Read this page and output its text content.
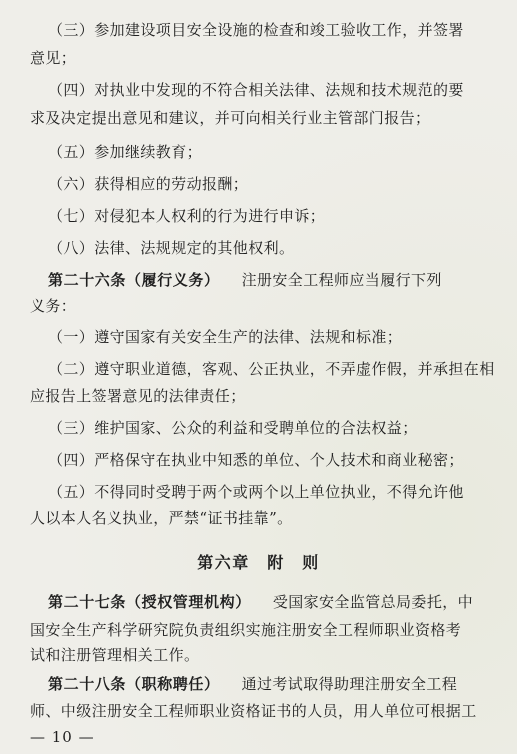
（三）参加建设项目安全设施的检查和竣工验收工作，并签署
意见；
（四）对执业中发现的不符合相关法律、法规和技术规范的要
求及决定提出意见和建议，并可向相关行业主管部门报告；
（五）参加继续教育；
（六）获得相应的劳动报酬；
（七）对侵犯本人权利的行为进行申诉；
（八）法律、法规规定的其他权利。
第二十六条（履行义务） 注册安全工程师应当履行下列
义务：
（一）遵守国家有关安全生产的法律、法规和标准；
（二）遵守职业道德，客观、公正执业，不弄虚作假，并承担在相
应报告上签署意见的法律责任；
（三）维护国家、公众的利益和受聘单位的合法权益；
（四）严格保守在执业中知悉的单位、个人技术和商业秘密；
（五）不得同时受聘于两个或两个以上单位执业，不得允许他
人以本人名义执业，严禁“证书挂靠”。
第六章　附　则
第二十七条（授权管理机构） 受国家安全监管总局委托，中
国安全生产科学研究院负责组织实施注册安全工程师职业资格考
试和注册管理相关工作。
第二十八条（职称聘任） 通过考试取得助理注册安全工程
师、中级注册安全工程师职业资格证书的人员，用人单位可根据工
— 10 —
